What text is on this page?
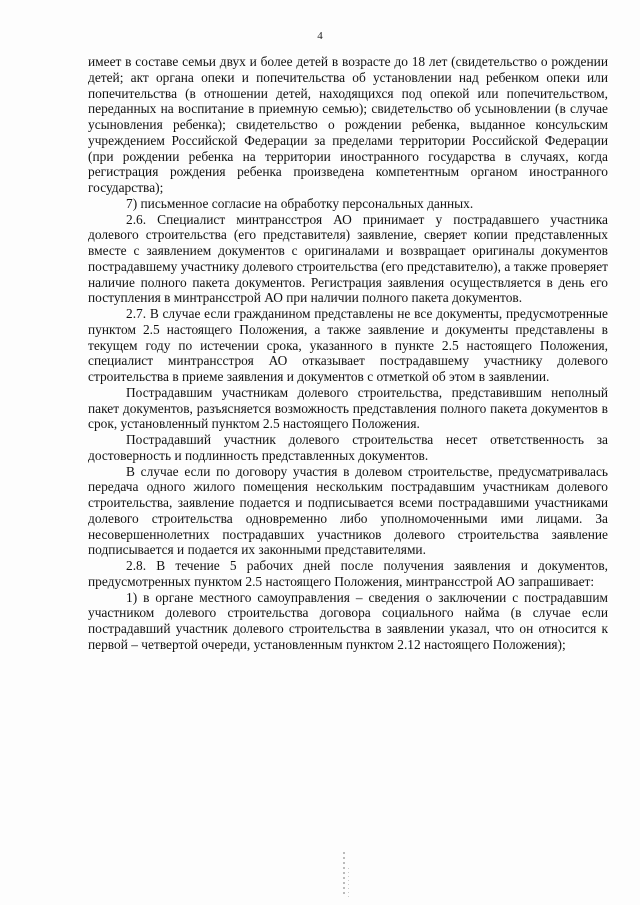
4

имеет в составе семьи двух и более детей в возрасте до 18 лет (свидетельство о рождении детей; акт органа опеки и попечительства об установлении над ребенком опеки или попечительства (в отношении детей, находящихся под опекой или попечительством, переданных на воспитание в приемную семью); свидетельство об усыновлении (в случае усыновления ребенка); свидетельство о рождении ребенка, выданное консульским учреждением Российской Федерации за пределами территории Российской Федерации (при рождении ребенка на территории иностранного государства в случаях, когда регистрация рождения ребенка произведена компетентным органом иностранного государства);

7) письменное согласие на обработку персональных данных.

2.6. Специалист минтрансстроя АО принимает у пострадавшего участника долевого строительства (его представителя) заявление, сверяет копии представленных вместе с заявлением документов с оригиналами и возвращает оригиналы документов пострадавшему участнику долевого строительства (его представителю), а также проверяет наличие полного пакета документов. Регистрация заявления осуществляется в день его поступления в минтрансстрой АО при наличии полного пакета документов.

2.7. В случае если гражданином представлены не все документы, предусмотренные пунктом 2.5 настоящего Положения, а также заявление и документы представлены в текущем году по истечении срока, указанного в пункте 2.5 настоящего Положения, специалист минтрансстроя АО отказывает пострадавшему участнику долевого строительства в приеме заявления и документов с отметкой об этом в заявлении.

Пострадавшим участникам долевого строительства, представившим неполный пакет документов, разъясняется возможность представления полного пакета документов в срок, установленный пунктом 2.5 настоящего Положения.

Пострадавший участник долевого строительства несет ответственность за достоверность и подлинность представленных документов.

В случае если по договору участия в долевом строительстве, предусматривалась передача одного жилого помещения нескольким пострадавшим участникам долевого строительства, заявление подается и подписывается всеми пострадавшими участниками долевого строительства одновременно либо уполномоченными ими лицами. За несовершеннолетних пострадавших участников долевого строительства заявление подписывается и подается их законными представителями.

2.8. В течение 5 рабочих дней после получения заявления и документов, предусмотренных пунктом 2.5 настоящего Положения, минтрансстрой АО запрашивает:

1) в органе местного самоуправления – сведения о заключении с пострадавшим участником долевого строительства договора социального найма (в случае если пострадавший участник долевого строительства в заявлении указал, что он относится к первой – четвертой очереди, установленным пунктом 2.12 настоящего Положения);
